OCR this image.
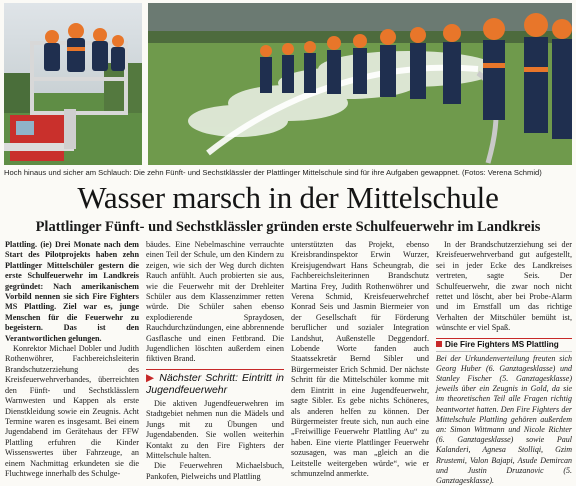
Hoch hinaus und sicher am Schlauch: Die zehn Fünft- und Sechstklässler der Plattlinger Mittelschule sind für ihre Aufgaben gewappnet. (Fotos: Verena Schmid)
Wasser marsch in der Mittelschule
Plattlinger Fünft- und Sechstklässler gründen erste Schulfeuerwehr im Landkreis

Plattling. (ie) Drei Monate nach dem Start des Pilotprojekts haben zehn Plattlinger Mittelschüler gestern die erste Schulfeuerwehr im Landkreis gegründet: Nach amerikanischem Vorbild nennen sie sich Fire Fighters MS Plattling. Ziel war es, junge Menschen für die Feuerwehr zu begeistern. Das ist den Verantwortlichen gelungen.

Konrektor Michael Dobler und Judith Rothenwöhrer, Fachbereichsleiterin Brandschutzerziehung des Kreisfeuerwehrverbandes, überreichten den Fünft- und Sechstklässlern Warnwesten und Kappen als erste Dienstkleidung sowie ein Zeugnis. Acht Termine waren es insgesamt. Bei einem Jugendabend im Gerätehaus der FFW Plattling erfuhren die Kinder Wissenswertes über Fahrzeuge, an einem Nachmittag erkundeten sie die Fluchtwege innerhalb des Schulge-

bäudes. Eine Nebelmaschine verrauchte einen Teil der Schule, um den Kindern zu zeigen, wie sich der Weg durch dichten Rauch anfühlt. Auch probierten sie aus, wie die Feuerwehr mit der Drehleiter Schüler aus dem Klassenzimmer retten würde. Die Schüler sahen ebenso explodierende Spraydosen, Rauchdurchzündungen, eine abbrennende Gasflasche und einen Fettbrand. Die Jugendlichen löschten außerdem einen fiktiven Brand.

▶ Nächster Schritt: Eintritt in Jugendfeuerwehr

Die aktiven Jugendfeuerwehren im Stadtgebiet nehmen nun die Mädels und Jungs mit zu Übungen und Jugendabenden. Sie wollen weiterhin Kontakt zu den Fire Fighters der Mittelschule halten.

Die Feuerwehren Michaelsbuch, Pankofen, Pielweichs und Plattling

unterstützten das Projekt, ebenso Kreisbrandinspektor Erwin Wurzer, Kreisjugendwart Hans Scheungrab, die Fachbereichsleiterinnen Brandschutz Martina Frey, Judith Rothenwöhrer und Verena Schmid, Kreisfeuerwehrchef Konrad Seis und Jasmin Biermeier von der Gesellschaft für Förderung beruflicher und sozialer Integration Landshut, Außenstelle Deggendorf. Lobende Worte fanden auch Staatssekretär Bernd Sibler und Bürgermeister Erich Schmid. Der nächste Schritt für die Mittelschüler komme mit dem Eintritt in eine Jugendfeuerwehr, sagte Sibler. Es gebe nichts Schöneres, als anderen helfen zu können. Der Bürgermeister freute sich, nun auch eine „Freiwillige Feuerwehr Plattling Au“ zu haben. Eine vierte Plattlinger Feuerwehr sozusagen, was man „gleich an die Leitstelle weitergeben würde“, wie er schmunzelnd anmerkte.

In der Brandschutzerziehung sei der Kreisfeuerwehrverband gut aufgestellt, sei in jeder Ecke des Landkreises vertreten, sagte Seis. Der Schulfeuerwehr, die zwar noch nicht rettet und löscht, aber bei Probe-Alarm und im Ernstfall um das richtige Verhalten der Mitschüler bemüht ist, wünschte er viel Spaß.

Die Fire Fighters MS Plattling
Bei der Urkundenverteilung freuten sich Georg Huber (6. Ganztagesklasse) und Stanley Fischer (5. Ganztagesklasse) jeweils über ein Zeugnis in Gold, da sie im theoretischen Teil alle Fragen richtig beantwortet hatten. Den Fire Fighters der Mittelschule Plattling gehören außerdem an: Simon Wittmann und Nicole Richter (6. Ganztagesklasse) sowie Paul Kalanderi, Agnesa Stolliqi, Gzim Rrustemi, Valon Bajapi, Asude Demircan und Justin Druzanovic (5. Ganztagesklasse).
